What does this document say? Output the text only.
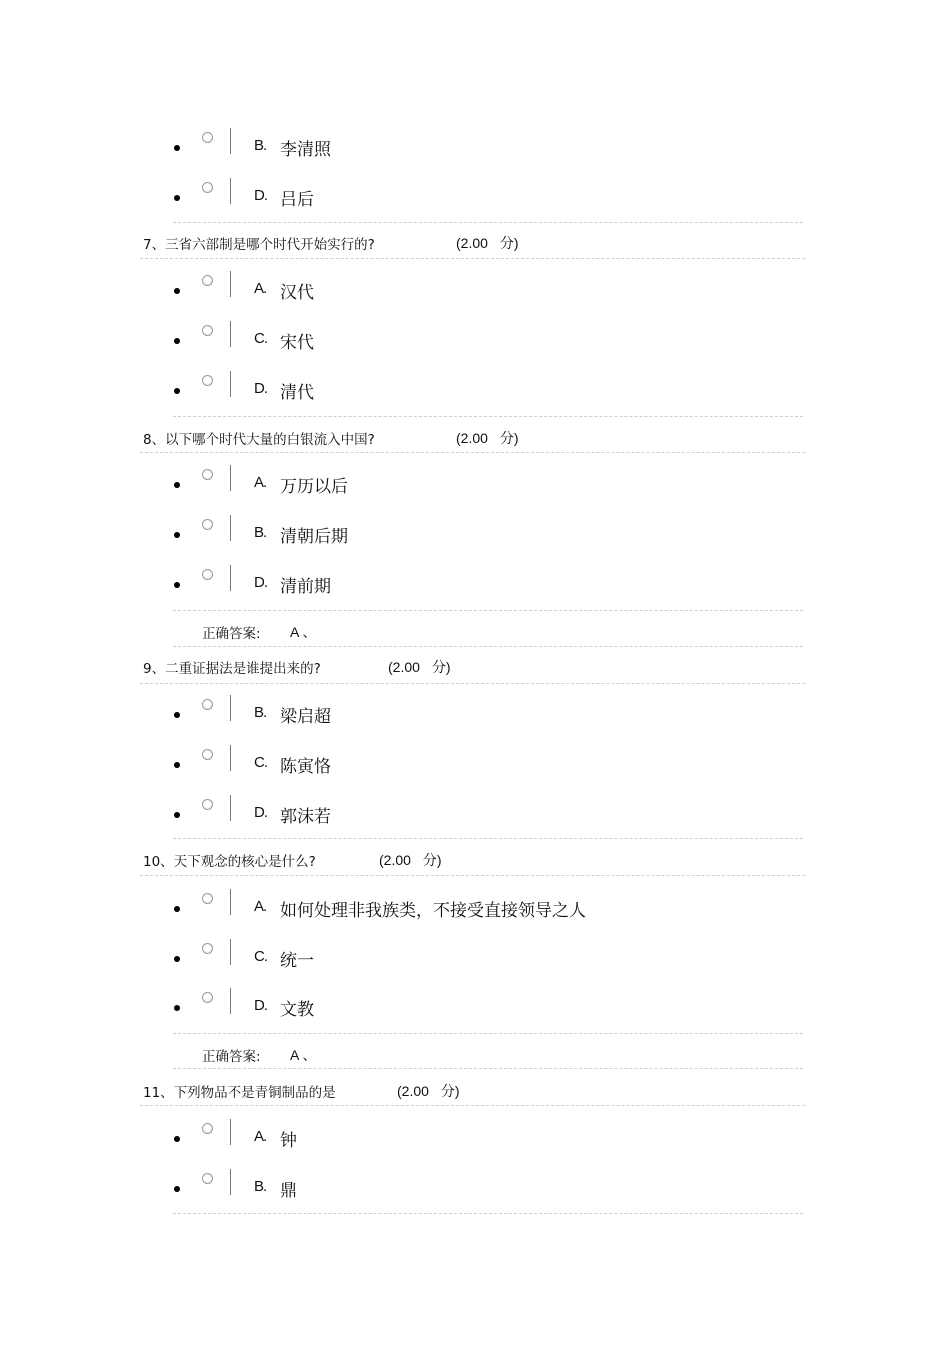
B. 李清照
D. 吕后
7、三省六部制是哪个时代开始实行的?	(2.00 分)
A. 汉代
C. 宋代
D. 清代
8、以下哪个时代大量的白银流入中国?	(2.00 分)
A. 万历以后
B. 清朝后期
D. 清前期
正确答案: A 、
9、二重证据法是谁提出来的?	(2.00 分)
B. 梁启超
C. 陈寅恪
D. 郭沫若
10、天下观念的核心是什么?	(2.00 分)
A. 如何处理非我族类，不接受直接领导之人
C. 统一
D. 文教
正确答案: A 、
11、下列物品不是青铜制品的是	(2.00 分)
A. 钟
B. 鼎
